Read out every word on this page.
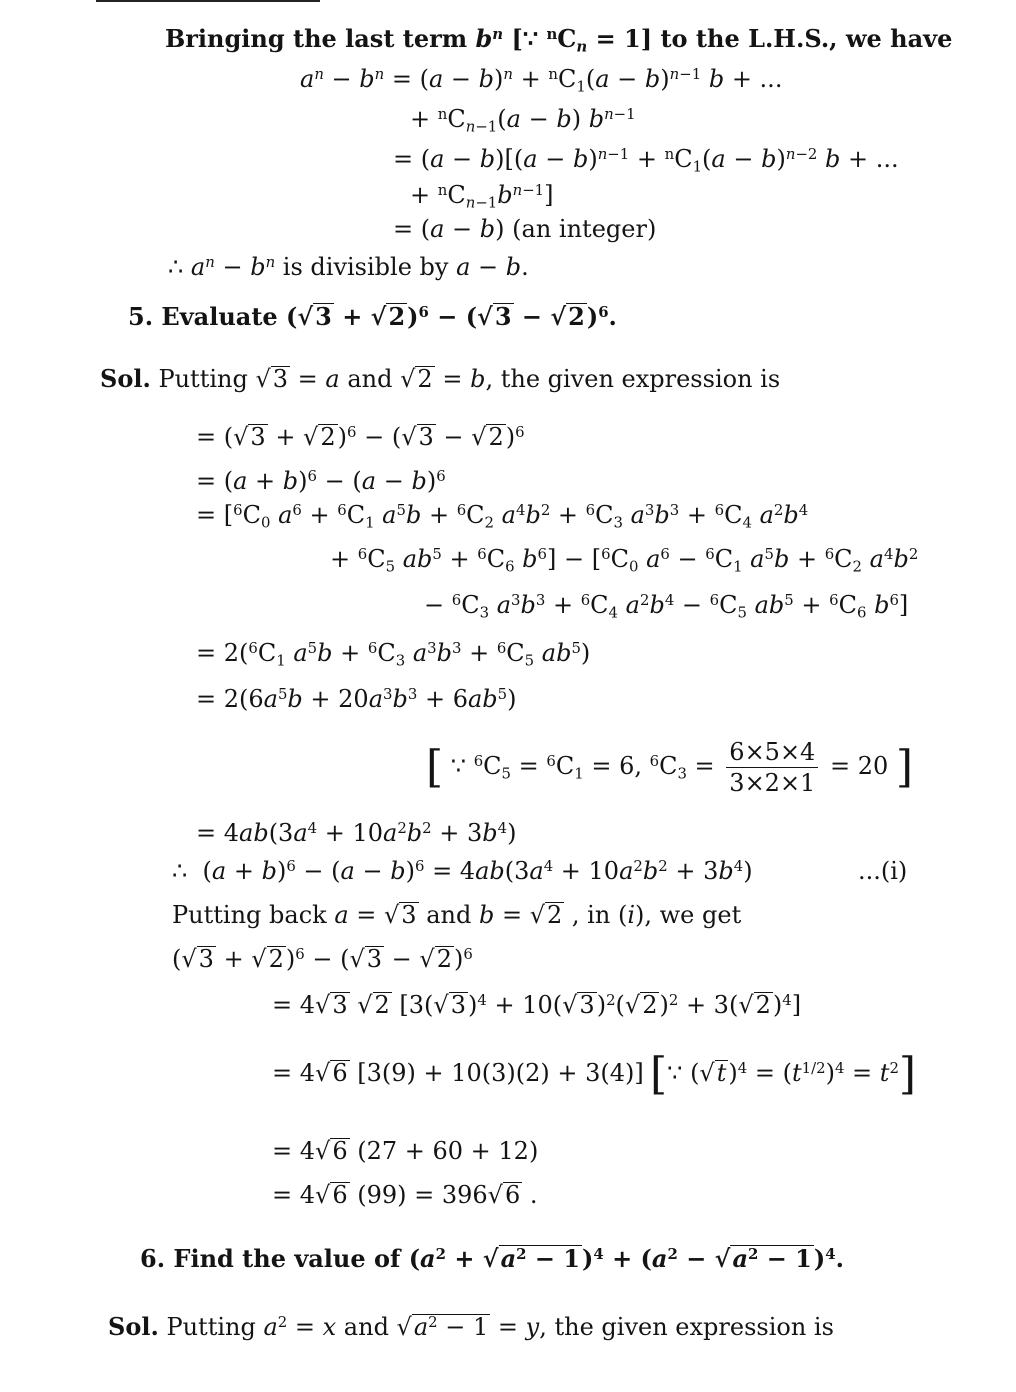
Bringing the last term $b^n$ [∵ $^nC_n = 1$] to the L.H.S., we have
$a^n - b^n = (a - b)^n + ^nC_1(a - b)^{n-1}$ b + ...
+ $^nC_{n-1}(a - b)$ $b^{n-1}$
= $(a - b)[(a - b)^{n-1} + ^nC_1(a - b)^{n-2}$ b + ...
+ $^nC_{n-1}b^{n-1}$]
= (a − b) (an integer)
∴ $a^n - b^n$ is divisible by a − b.
5. Evaluate $(√3 + √2)^6 - (√3 - √2)^6$.
Sol. Putting √3 = a and √2 = b, the given expression is
= $(√3 + √2)^6 - (√3 - √2)^6$
= $(a + b)^6 - (a - b)^6$
= [$^6C_0$ $a^6 + ^6C_1$ $a^5b + ^6C_2$ $a^4b^2 + ^6C_3$ $a^3b^3 + ^6C_4$ $a^2b^4$
+ $^6C_5$ $ab^5 + ^6C_6$ $b^6] - [^6C_0$ $a^6 - ^6C_1$ $a^5b + ^6C_2$ $a^4b^2$
− $^6C_3$ $a^3b^3 + ^6C_4$ $a^2b^4 - ^6C_5$ $ab^5 + ^6C_6$ $b^6$]
= $2(^6C_1$ $a^5b + ^6C_3$ $a^3b^3 + ^6C_5$ $ab^5$)
= $2(6a^5b + 20a^3b^3 + 6ab^5)$
[ ∵ $^6C_5 = ^6C_1 = 6$, $^6C_3 = \frac{6\times 5\times 4}{3\times 2\times 1} = 20$ ]
= $4ab(3a^4 + 10a^2b^2 + 3b^4)$
∴  $(a + b)^6 - (a - b)^6 = 4ab(3a^4 + 10a^2b^2 + 3b^4)$	...(i)
Putting back a = √3 and b = √2 , in (i), we get
$(√3 + √2)^6 - (√3 - √2)^6$
= 4√3 √2 $[3(√3)^4 + 10(√3)^2(√2)^2 + 3(√2)^4]$
= 4√6 [3(9) + 10(3)(2) + 3(4)] [∵ $(√t)^4 = (t^{1/2})^4 = t^2$]
= 4√6 (27 + 60 + 12)
= 4√6 (99) = 396√6 .
6. Find the value of $(a^2 + √a^2 - 1)^4 + (a^2 - √a^2 - 1)^4$.
Sol. Putting $a^2 = x$ and $√a^2 - 1 = y$, the given expression is
